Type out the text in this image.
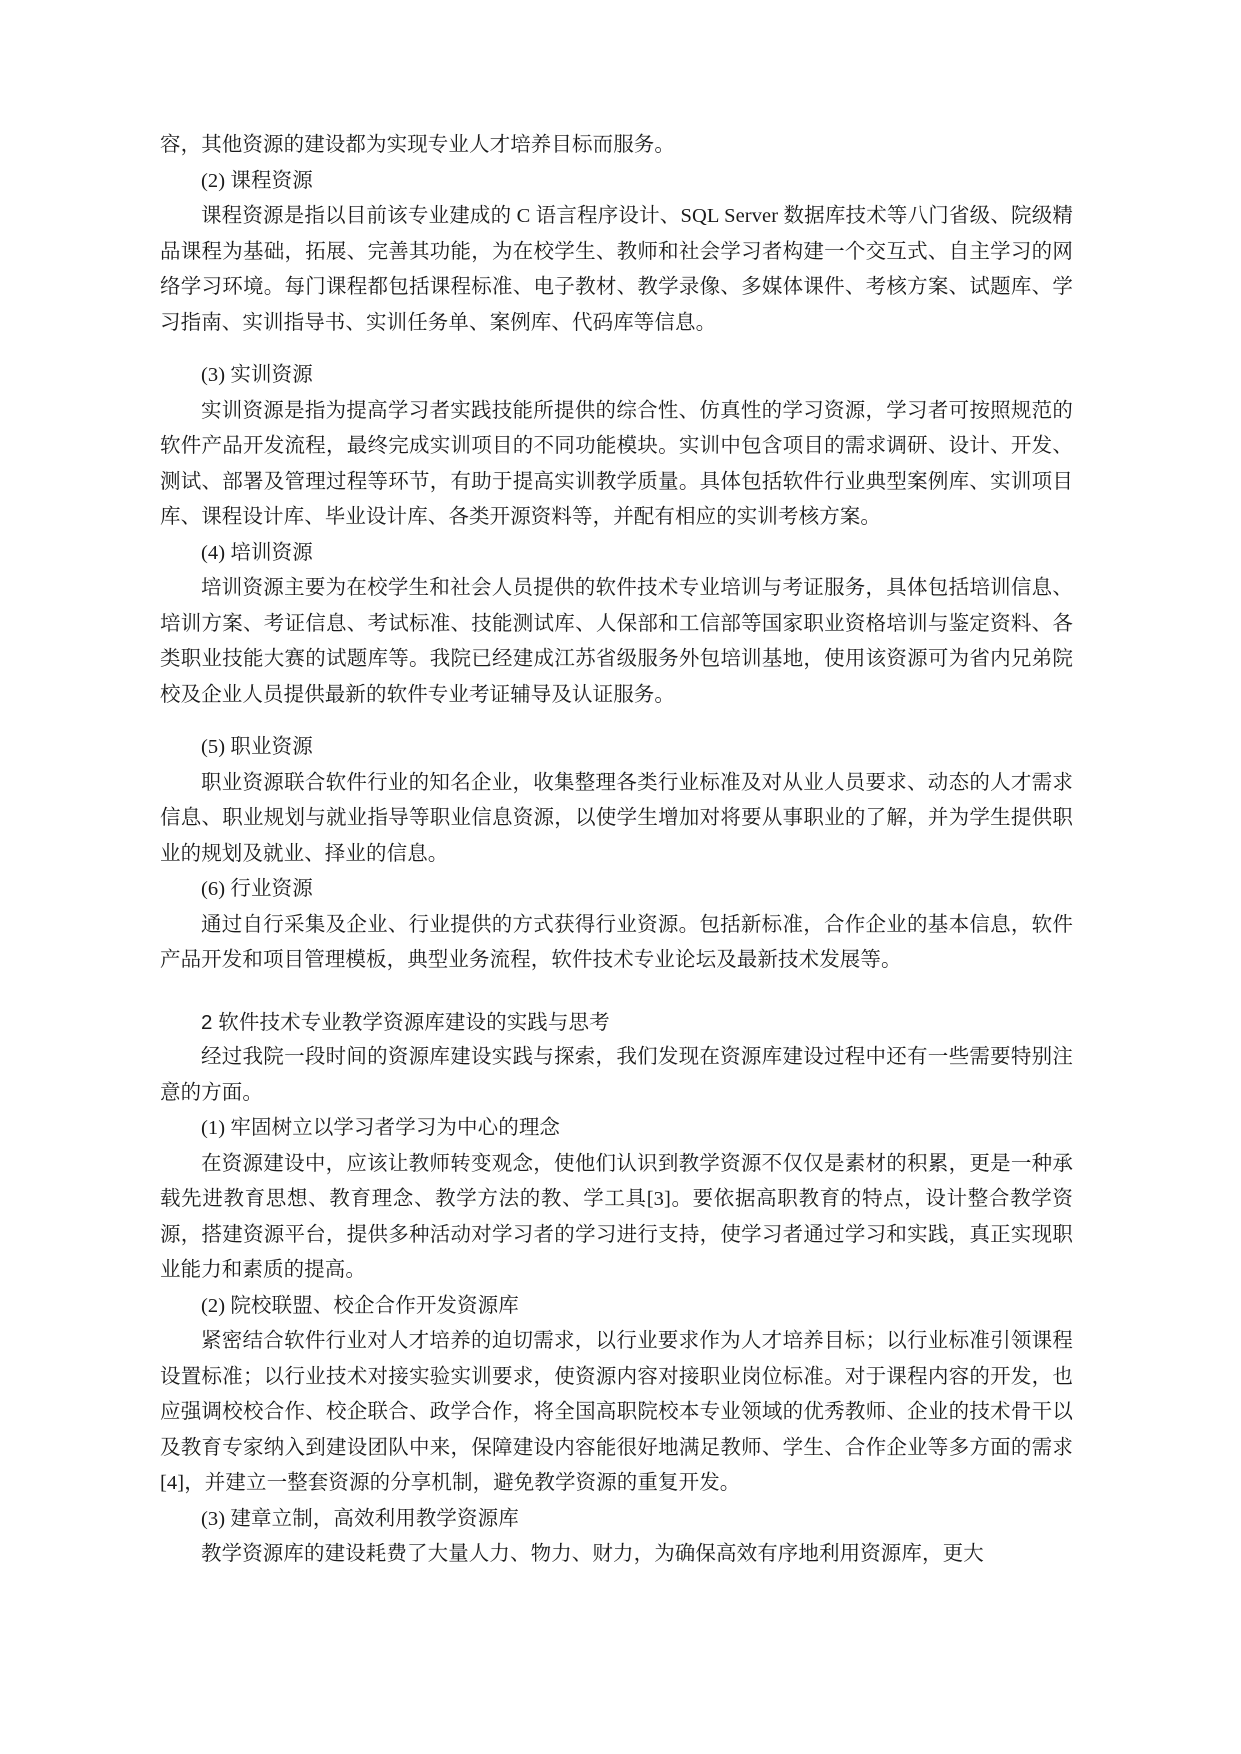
容，其他资源的建设都为实现专业人才培养目标而服务。

(2) 课程资源

课程资源是指以目前该专业建成的 C 语言程序设计、SQL Server 数据库技术等八门省级、院级精品课程为基础，拓展、完善其功能，为在校学生、教师和社会学习者构建一个交互式、自主学习的网络学习环境。每门课程都包括课程标准、电子教材、教学录像、多媒体课件、考核方案、试题库、学习指南、实训指导书、实训任务单、案例库、代码库等信息。

(3) 实训资源

实训资源是指为提高学习者实践技能所提供的综合性、仿真性的学习资源，学习者可按照规范的软件产品开发流程，最终完成实训项目的不同功能模块。实训中包含项目的需求调研、设计、开发、测试、部署及管理过程等环节，有助于提高实训教学质量。具体包括软件行业典型案例库、实训项目库、课程设计库、毕业设计库、各类开源资料等，并配有相应的实训考核方案。

(4) 培训资源

培训资源主要为在校学生和社会人员提供的软件技术专业培训与考证服务，具体包括培训信息、培训方案、考证信息、考试标准、技能测试库、人保部和工信部等国家职业资格培训与鉴定资料、各类职业技能大赛的试题库等。我院已经建成江苏省级服务外包培训基地，使用该资源可为省内兄弟院校及企业人员提供最新的软件专业考证辅导及认证服务。

(5) 职业资源

职业资源联合软件行业的知名企业，收集整理各类行业标准及对从业人员要求、动态的人才需求信息、职业规划与就业指导等职业信息资源，以使学生增加对将要从事职业的了解，并为学生提供职业的规划及就业、择业的信息。

(6) 行业资源

通过自行采集及企业、行业提供的方式获得行业资源。包括新标准，合作企业的基本信息，软件产品开发和项目管理模板，典型业务流程，软件技术专业论坛及最新技术发展等。

2 软件技术专业教学资源库建设的实践与思考

经过我院一段时间的资源库建设实践与探索，我们发现在资源库建设过程中还有一些需要特别注意的方面。

(1) 牢固树立以学习者学习为中心的理念

在资源建设中，应该让教师转变观念，使他们认识到教学资源不仅仅是素材的积累，更是一种承载先进教育思想、教育理念、教学方法的教、学工具[3]。要依据高职教育的特点，设计整合教学资源，搭建资源平台，提供多种活动对学习者的学习进行支持，使学习者通过学习和实践，真正实现职业能力和素质的提高。

(2) 院校联盟、校企合作开发资源库

紧密结合软件行业对人才培养的迫切需求，以行业要求作为人才培养目标；以行业标准引领课程设置标准；以行业技术对接实验实训要求，使资源内容对接职业岗位标准。对于课程内容的开发，也应强调校校合作、校企联合、政学合作，将全国高职院校本专业领域的优秀教师、企业的技术骨干以及教育专家纳入到建设团队中来，保障建设内容能很好地满足教师、学生、合作企业等多方面的需求[4]，并建立一整套资源的分享机制，避免教学资源的重复开发。

(3) 建章立制，高效利用教学资源库

教学资源库的建设耗费了大量人力、物力、财力，为确保高效有序地利用资源库，更大
